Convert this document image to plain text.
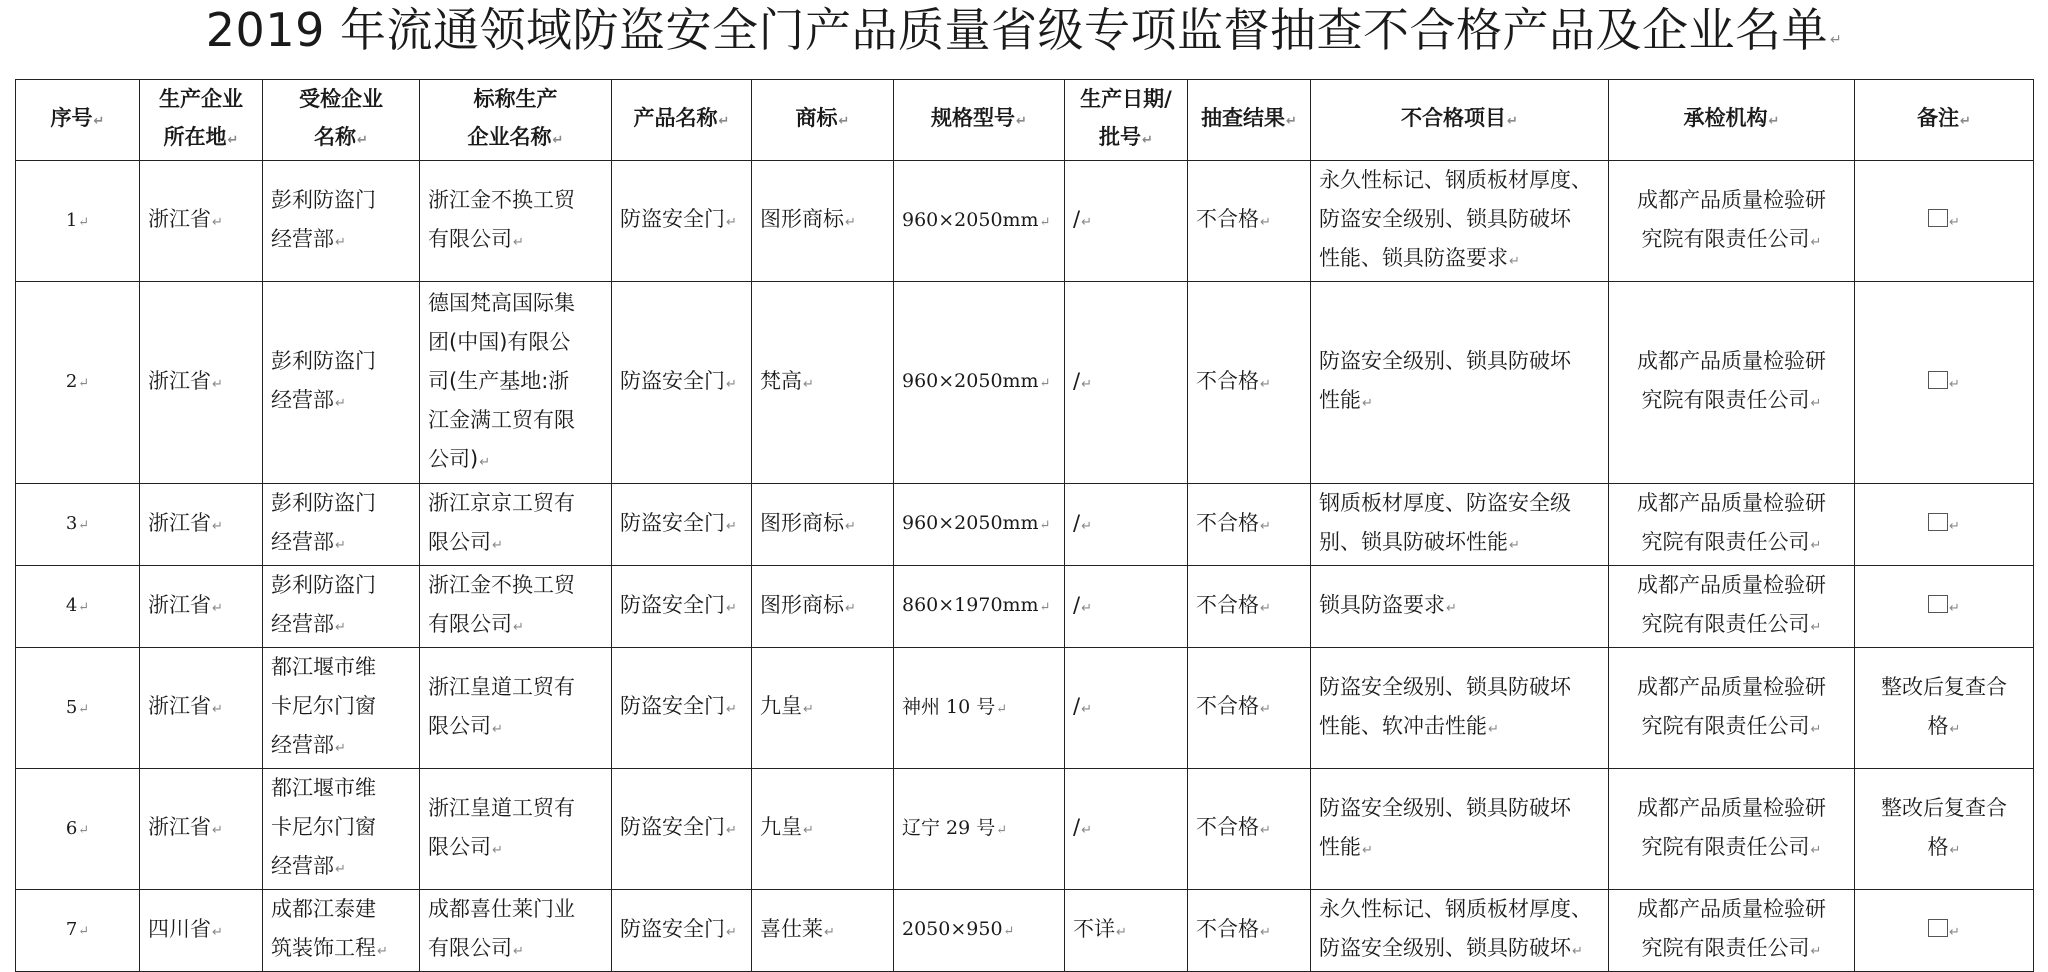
2019 年流通领域防盗安全门产品质量省级专项监督抽查不合格产品及企业名单 ↵
序号↵	生产企业
所在地↵	受检企业
名称↵	标称生产
企业名称↵	产品名称↵	商标↵	规格型号↵	生产日期/
批号↵	抽查结果↵	不合格项目↵	承检机构↵	备注↵
1↵	浙江省↵	彭利防盗门
经营部↵	浙江金不换工贸
有限公司↵	防盗安全门↵	图形商标↵	960×2050mm↵	/↵	不合格↵	永久性标记、钢质板材厚度、
防盗安全级别、锁具防破坏
性能、锁具防盗要求↵	成都产品质量检验研
究院有限责任公司↵	↵
2↵	浙江省↵	彭利防盗门
经营部↵	德国梵高国际集
团(中国)有限公
司(生产基地:浙
江金满工贸有限
公司)↵	防盗安全门↵	梵高↵	960×2050mm↵	/↵	不合格↵	防盗安全级别、锁具防破坏
性能↵	成都产品质量检验研
究院有限责任公司↵	↵
3↵	浙江省↵	彭利防盗门
经营部↵	浙江京京工贸有
限公司↵	防盗安全门↵	图形商标↵	960×2050mm↵	/↵	不合格↵	钢质板材厚度、防盗安全级
别、锁具防破坏性能↵	成都产品质量检验研
究院有限责任公司↵	↵
4↵	浙江省↵	彭利防盗门
经营部↵	浙江金不换工贸
有限公司↵	防盗安全门↵	图形商标↵	860×1970mm↵	/↵	不合格↵	锁具防盗要求↵	成都产品质量检验研
究院有限责任公司↵	↵
5↵	浙江省↵	都江堰市维
卡尼尔门窗
经营部↵	浙江皇道工贸有
限公司↵	防盗安全门↵	九皇↵	神州 10 号↵	/↵	不合格↵	防盗安全级别、锁具防破坏
性能、软冲击性能↵	成都产品质量检验研
究院有限责任公司↵	整改后复查合
格↵
6↵	浙江省↵	都江堰市维
卡尼尔门窗
经营部↵	浙江皇道工贸有
限公司↵	防盗安全门↵	九皇↵	辽宁 29 号↵	/↵	不合格↵	防盗安全级别、锁具防破坏
性能↵	成都产品质量检验研
究院有限责任公司↵	整改后复查合
格↵
7↵	四川省↵	成都江泰建
筑装饰工程↵	成都喜仕莱门业
有限公司↵	防盗安全门↵	喜仕莱↵	2050×950↵	不详↵	不合格↵	永久性标记、钢质板材厚度、
防盗安全级别、锁具防破坏↵	成都产品质量检验研
究院有限责任公司↵	↵
